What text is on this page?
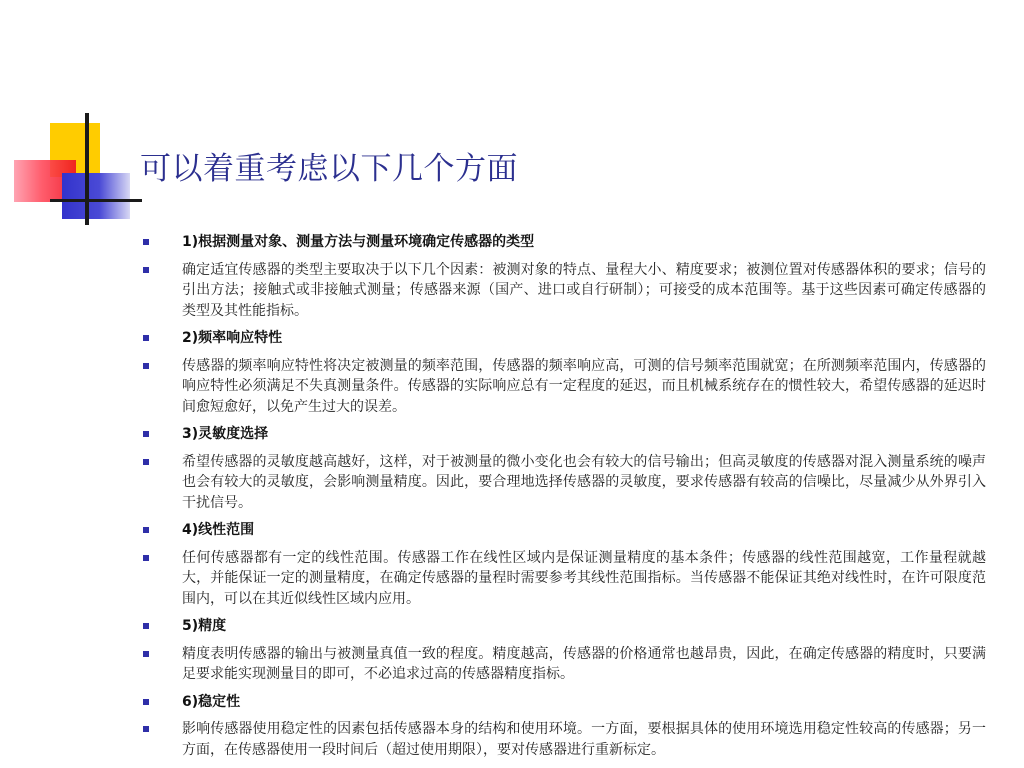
可以着重考虑以下几个方面
1)根据测量对象、测量方法与测量环境确定传感器的类型
确定适宜传感器的类型主要取决于以下几个因素：被测对象的特点、量程大小、精度要求；被测位置对传感器体积的要求；信号的引出方法；接触式或非接触式测量；传感器来源（国产、进口或自行研制）；可接受的成本范围等。基于这些因素可确定传感器的类型及其性能指标。
2)频率响应特性
传感器的频率响应特性将决定被测量的频率范围，传感器的频率响应高，可测的信号频率范围就宽；在所测频率范围内，传感器的响应特性必须满足不失真测量条件。传感器的实际响应总有一定程度的延迟，而且机械系统存在的惯性较大，希望传感器的延迟时间愈短愈好，以免产生过大的误差。
3)灵敏度选择
希望传感器的灵敏度越高越好，这样，对于被测量的微小变化也会有较大的信号输出；但高灵敏度的传感器对混入测量系统的噪声也会有较大的灵敏度，会影响测量精度。因此，要合理地选择传感器的灵敏度，要求传感器有较高的信噪比，尽量减少从外界引入干扰信号。
4)线性范围
任何传感器都有一定的线性范围。传感器工作在线性区域内是保证测量精度的基本条件；传感器的线性范围越宽，工作量程就越大，并能保证一定的测量精度，在确定传感器的量程时需要参考其线性范围指标。当传感器不能保证其绝对线性时，在许可限度范围内，可以在其近似线性区域内应用。
5)精度
精度表明传感器的输出与被测量真值一致的程度。精度越高，传感器的价格通常也越昂贵，因此，在确定传感器的精度时，只要满足要求能实现测量目的即可，不必追求过高的传感器精度指标。
6)稳定性
影响传感器使用稳定性的因素包括传感器本身的结构和使用环境。一方面，要根据具体的使用环境选用稳定性较高的传感器；另一方面，在传感器使用一段时间后（超过使用期限），要对传感器进行重新标定。
